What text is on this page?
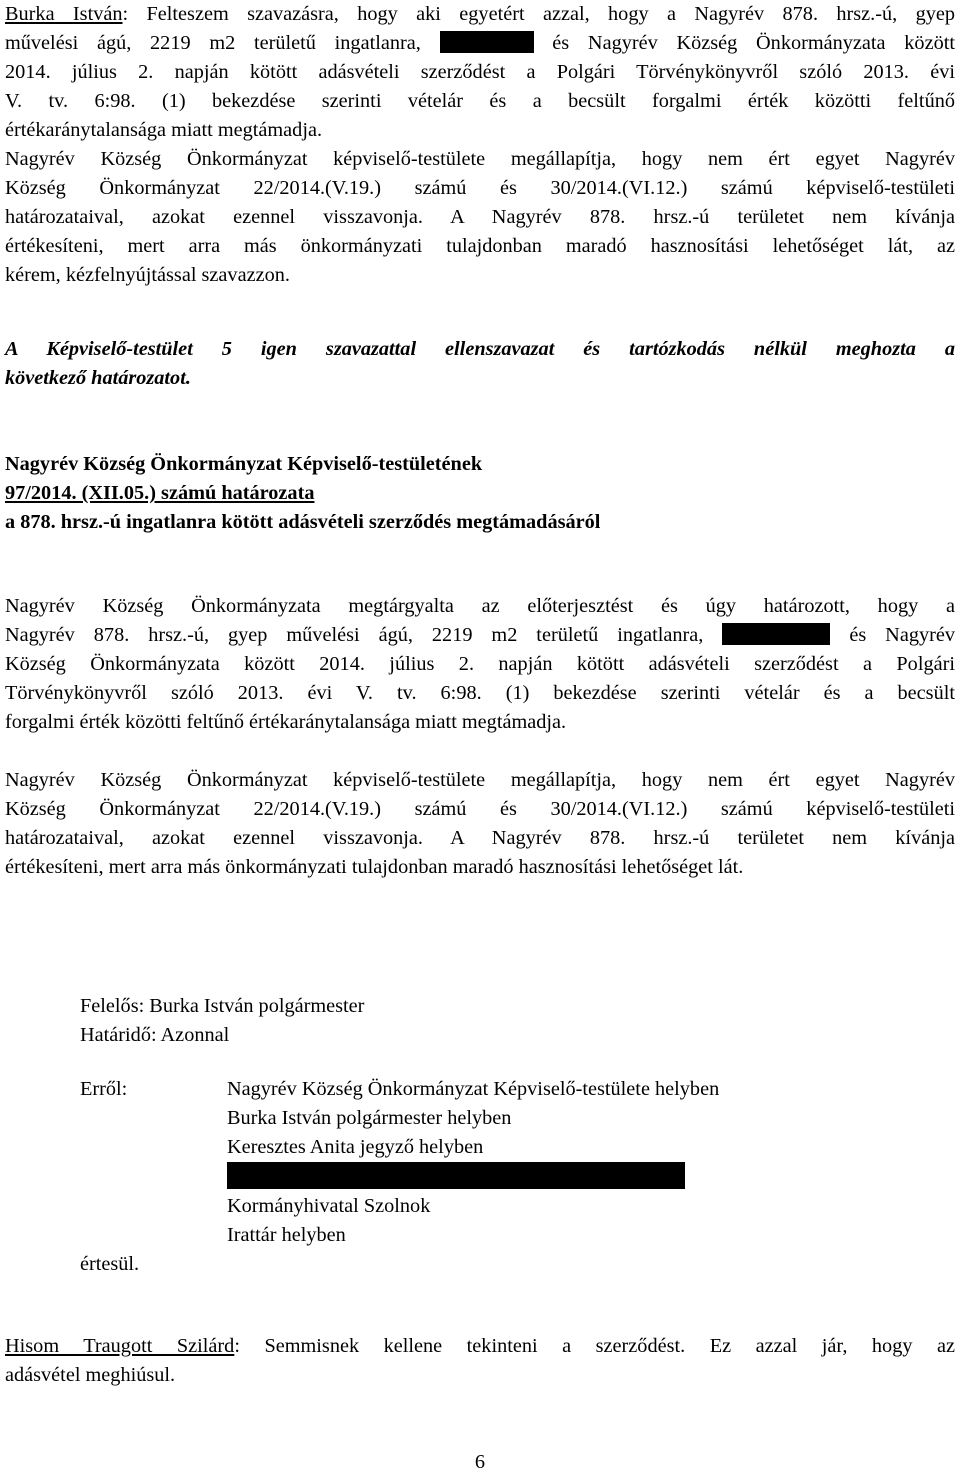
Burka István: Felteszem szavazásra, hogy aki egyetért azzal, hogy a Nagyrév 878. hrsz.-ú, gyep

művelési ágú, 2219 m2 területű ingatlanra,	és Nagyrév Község Önkormányzata között

2014. július 2. napján kötött adásvételi szerződést a Polgári Törvénykönyvről szóló 2013. évi

V. tv. 6:98. (1) bekezdése szerinti vételár és a becsült forgalmi érték közötti feltűnő

értékaránytalansága miatt megtámadja.

Nagyrév Község Önkormányzat képviselő-testülete megállapítja, hogy nem ért egyet Nagyrév

Község Önkormányzat 22/2014.(V.19.) számú és 30/2014.(VI.12.) számú képviselő-testületi

határozataival, azokat ezennel visszavonja. A Nagyrév 878. hrsz.-ú területet nem kívánja

értékesíteni, mert arra más önkormányzati tulajdonban maradó hasznosítási lehetőséget lát, az

kérem, kézfelnyújtással szavazzon.

A Képviselő-testület 5 igen szavazattal ellenszavazat és tartózkodás nélkül meghozta a

következő határozatot.

Nagyrév Község Önkormányzat Képviselő-testületének

97/2014. (XII.05.) számú határozata

a 878. hrsz.-ú ingatlanra kötött adásvételi szerződés megtámadásáról

Nagyrév Község Önkormányzata megtárgyalta az előterjesztést és úgy határozott, hogy a

Nagyrév 878. hrsz.-ú, gyep művelési ágú, 2219 m2 területű ingatlanra,	és Nagyrév

Község Önkormányzata között 2014. július 2. napján kötött adásvételi szerződést a Polgári

Törvénykönyvről szóló 2013. évi V. tv. 6:98. (1) bekezdése szerinti vételár és a becsült

forgalmi érték közötti feltűnő értékaránytalansága miatt megtámadja.

Nagyrév Község Önkormányzat képviselő-testülete megállapítja, hogy nem ért egyet Nagyrév

Község Önkormányzat 22/2014.(V.19.) számú és 30/2014.(VI.12.) számú képviselő-testületi

határozataival, azokat ezennel visszavonja. A Nagyrév 878. hrsz.-ú területet nem kívánja

értékesíteni, mert arra más önkormányzati tulajdonban maradó hasznosítási lehetőséget lát.

Felelős: Burka István polgármester

Határidő: Azonnal

Erről:	Nagyrév Község Önkormányzat Képviselő-testülete helyben

Burka István polgármester helyben

Keresztes Anita jegyző helyben

Kormányhivatal Szolnok

Irattár helyben

értesül.

Hisom Traugott Szilárd: Semmisnek kellene tekinteni a szerződést. Ez azzal jár, hogy az

adásvétel meghiúsul.

6
